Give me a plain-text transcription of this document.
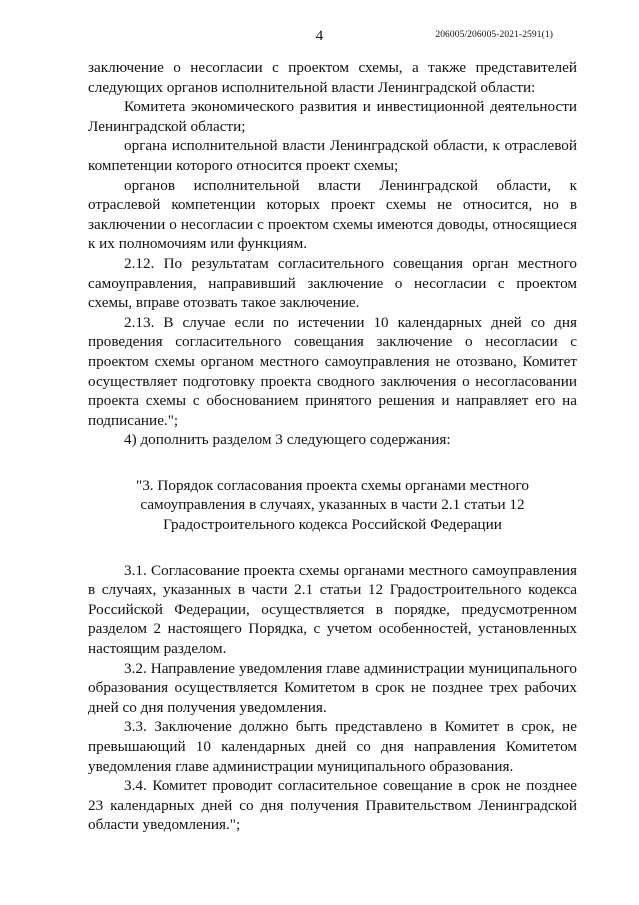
4	206005/206005-2021-2591(1)

заключение о несогласии с проектом схемы, а также представителей следующих органов исполнительной власти Ленинградской области:

Комитета экономического развития и инвестиционной деятельности Ленинградской области;

органа исполнительной власти Ленинградской области, к отраслевой компетенции которого относится проект схемы;

органов исполнительной власти Ленинградской области, к отраслевой компетенции которых проект схемы не относится, но в заключении о несогласии с проектом схемы имеются доводы, относящиеся к их полномочиям или функциям.

2.12. По результатам согласительного совещания орган местного самоуправления, направивший заключение о несогласии с проектом схемы, вправе отозвать такое заключение.

2.13. В случае если по истечении 10 календарных дней со дня проведения согласительного совещания заключение о несогласии с проектом схемы органом местного самоуправления не отозвано, Комитет осуществляет подготовку проекта сводного заключения о несогласовании проекта схемы с обоснованием принятого решения и направляет его на подписание.";

4) дополнить разделом 3 следующего содержания:

"3. Порядок согласования проекта схемы органами местного самоуправления в случаях, указанных в части 2.1 статьи 12 Градостроительного кодекса Российской Федерации

3.1. Согласование проекта схемы органами местного самоуправления в случаях, указанных в части 2.1 статьи 12 Градостроительного кодекса Российской Федерации, осуществляется в порядке, предусмотренном разделом 2 настоящего Порядка, с учетом особенностей, установленных настоящим разделом.

3.2. Направление уведомления главе администрации муниципального образования осуществляется Комитетом в срок не позднее трех рабочих дней со дня получения уведомления.

3.3. Заключение должно быть представлено в Комитет в срок, не превышающий 10 календарных дней со дня направления Комитетом уведомления главе администрации муниципального образования.

3.4. Комитет проводит согласительное совещание в срок не позднее 23 календарных дней со дня получения Правительством Ленинградской области уведомления.";
